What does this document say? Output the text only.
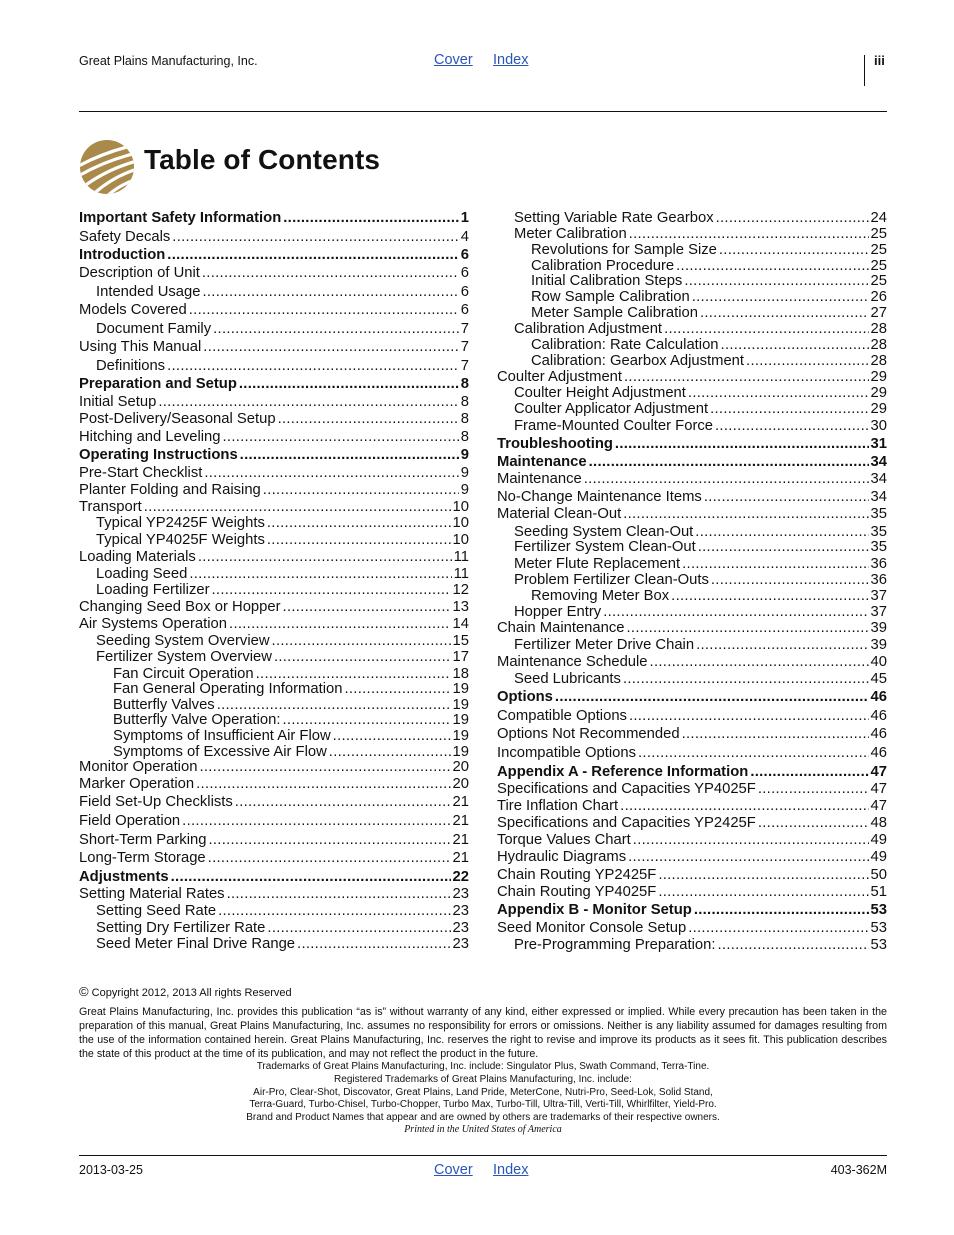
Great Plains Manufacturing, Inc.	Cover Index	iii
Table of Contents
Important Safety Information .....	1
Safety Decals .....	4
Introduction .....	6
Description of Unit .....	6
Intended Usage .....	6
Models Covered .....	6
Document Family .....	7
Using This Manual .....	7
Definitions .....	7
Preparation and Setup .....	8
Initial Setup .....	8
Post-Delivery/Seasonal Setup .....	8
Hitching and Leveling .....	8
Operating Instructions .....	9
Pre-Start Checklist .....	9
Planter Folding and Raising .....	9
Transport .....	10
Typical YP2425F Weights .....	10
Typical YP4025F Weights .....	10
Loading Materials .....	11
Loading Seed .....	11
Loading Fertilizer .....	12
Changing Seed Box or Hopper .....	13
Air Systems Operation .....	14
Seeding System Overview .....	15
Fertilizer System Overview .....	17
Fan Circuit Operation .....	18
Fan General Operating Information .....	19
Butterfly Valves .....	19
Butterfly Valve Operation: .....	19
Symptoms of Insufficient Air Flow .....	19
Symptoms of Excessive Air Flow .....	19
Monitor Operation .....	20
Marker Operation .....	20
Field Set-Up Checklists .....	21
Field Operation .....	21
Short-Term Parking .....	21
Long-Term Storage .....	21
Adjustments .....	22
Setting Material Rates .....	23
Setting Seed Rate .....	23
Setting Dry Fertilizer Rate .....	23
Seed Meter Final Drive Range .....	23
Setting Variable Rate Gearbox .....	24
Meter Calibration .....	25
Revolutions for Sample Size .....	25
Calibration Procedure .....	25
Initial Calibration Steps .....	25
Row Sample Calibration .....	26
Meter Sample Calibration .....	27
Calibration Adjustment .....	28
Calibration: Rate Calculation .....	28
Calibration: Gearbox Adjustment .....	28
Coulter Adjustment .....	29
Coulter Height Adjustment .....	29
Coulter Applicator Adjustment .....	29
Frame-Mounted Coulter Force .....	30
Troubleshooting .....	31
Maintenance .....	34
Maintenance .....	34
No-Change Maintenance Items .....	34
Material Clean-Out .....	35
Seeding System Clean-Out .....	35
Fertilizer System Clean-Out .....	35
Meter Flute Replacement .....	36
Problem Fertilizer Clean-Outs .....	36
Removing Meter Box .....	37
Hopper Entry .....	37
Chain Maintenance .....	39
Fertilizer Meter Drive Chain .....	39
Maintenance Schedule .....	40
Seed Lubricants .....	45
Options .....	46
Compatible Options .....	46
Options Not Recommended .....	46
Incompatible Options .....	46
Appendix A - Reference Information .....	47
Specifications and Capacities YP4025F .....	47
Tire Inflation Chart .....	47
Specifications and Capacities YP2425F .....	48
Torque Values Chart .....	49
Hydraulic Diagrams .....	49
Chain Routing YP2425F .....	50
Chain Routing YP4025F .....	51
Appendix B - Monitor Setup .....	53
Seed Monitor Console Setup .....	53
Pre-Programming Preparation: .....	53
© Copyright 2012, 2013 All rights Reserved
Great Plains Manufacturing, Inc. provides this publication “as is” without warranty of any kind, either expressed or implied. While every precaution has been taken in the preparation of this manual, Great Plains Manufacturing, Inc. assumes no responsibility for errors or omissions. Neither is any liability assumed for damages resulting from the use of the information contained herein. Great Plains Manufacturing, Inc. reserves the right to revise and improve its products as it sees fit. This publication describes the state of this product at the time of its publication, and may not reflect the product in the future.
Trademarks of Great Plains Manufacturing, Inc. include: Singulator Plus, Swath Command, Terra-Tine.
Registered Trademarks of Great Plains Manufacturing, Inc. include:
Air-Pro, Clear-Shot, Discovator, Great Plains, Land Pride, MeterCone, Nutri-Pro, Seed-Lok, Solid Stand,
Terra-Guard, Turbo-Chisel, Turbo-Chopper, Turbo Max, Turbo-Till, Ultra-Till, Verti-Till, Whirlfilter, Yield-Pro.
Brand and Product Names that appear and are owned by others are trademarks of their respective owners.
Printed in the United States of America
2013-03-25	Cover Index	403-362M
